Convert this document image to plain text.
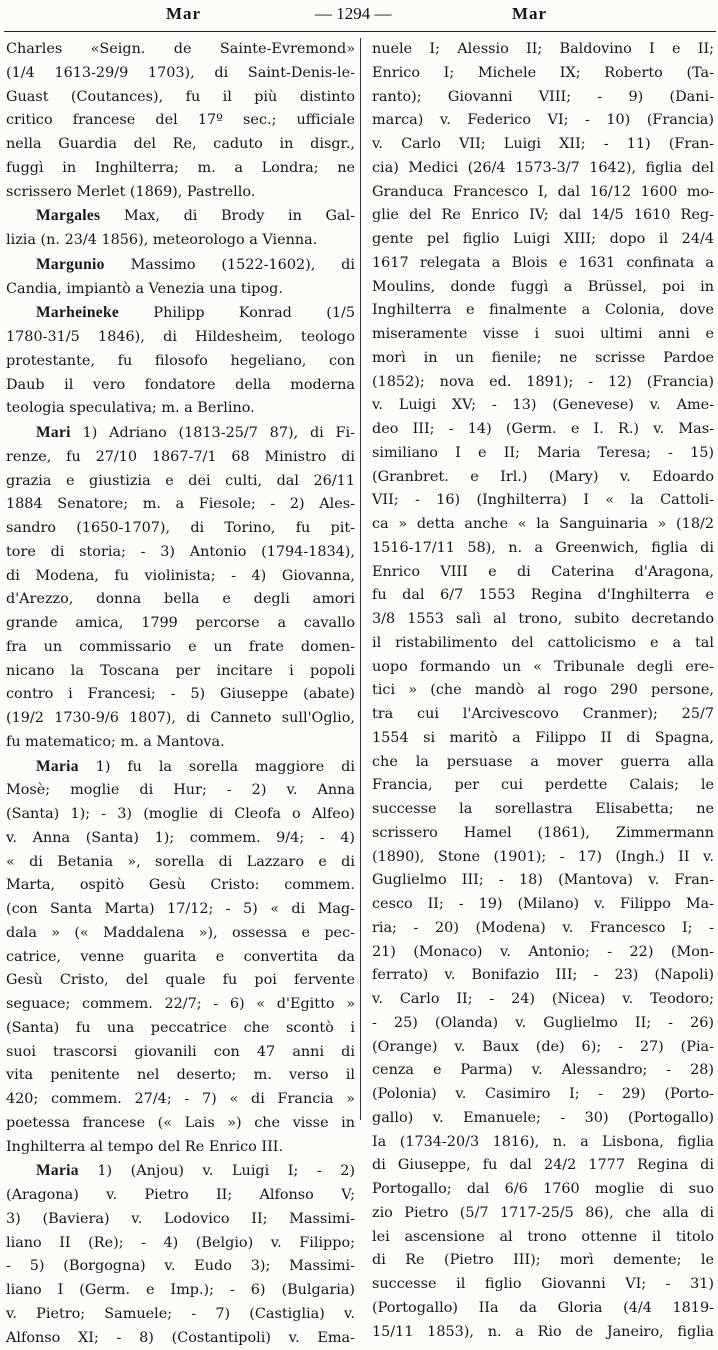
Mar	— 1294 —	Mar
Charles «Seign. de Sainte-Evremond»
(1/4 1613-29/9 1703), di Saint-Denis-le-
Guast (Coutances), fu il più distinto
critico francese del 17º sec.; ufficiale
nella Guardia del Re, caduto in disgr.,
fuggì in Inghilterra; m. a Londra; ne
scrissero Merlet (1869), Pastrello.
Margales Max, di Brody in Gal-
lizia (n. 23/4 1856), meteorologo a Vienna.
Margunio Massimo (1522-1602), di
Candia, impiantò a Venezia una tipog.
Marheineke Philipp Konrad (1/5
1780-31/5 1846), di Hildesheim, teologo
protestante, fu filosofo hegeliano, con
Daub il vero fondatore della moderna
teologia speculativa; m. a Berlino.
Mari 1) Adriano (1813-25/7 87), di Fi-
renze, fu 27/10 1867-7/1 68 Ministro di
grazia e giustizia e dei culti, dal 26/11
1884 Senatore; m. a Fiesole; - 2) Ales-
sandro (1650-1707), di Torino, fu pit-
tore di storia; - 3) Antonio (1794-1834),
di Modena, fu violinista; - 4) Giovanna,
d'Arezzo, donna bella e degli amori
grande amica, 1799 percorse a cavallo
fra un commissario e un frate domen-
nicano la Toscana per incitare i popoli
contro i Francesi; - 5) Giuseppe (abate)
(19/2 1730-9/6 1807), di Canneto sull'Oglio,
fu matematico; m. a Mantova.
Maria 1) fu la sorella maggiore di
Mosè; moglie di Hur; - 2) v. Anna
(Santa) 1); - 3) (moglie di Cleofa o Alfeo)
v. Anna (Santa) 1); commem. 9/4; - 4)
« di Betania », sorella di Lazzaro e di
Marta, ospitò Gesù Cristo: commem.
(con Santa Marta) 17/12; - 5) « di Mag-
dala » (« Maddalena »), ossessa e pec-
catrice, venne guarita e convertita da
Gesù Cristo, del quale fu poi fervente
seguace; commem. 22/7; - 6) « d'Egitto »
(Santa) fu una peccatrice che scontò i
suoi trascorsi giovanili con 47 anni di
vita penitente nel deserto; m. verso il
420; commem. 27/4; - 7) « di Francia »
poetessa francese (« Lais ») che visse in
Inghilterra al tempo del Re Enrico III.
Maria 1) (Anjou) v. Luigi I; - 2)
(Aragona) v. Pietro II; Alfonso V;
3) (Baviera) v. Lodovico II; Massimi-
liano II (Re); - 4) (Belgio) v. Filippo;
- 5) (Borgogna) v. Eudo 3); Massimi-
liano I (Germ. e Imp.); - 6) (Bulgaria)
v. Pietro; Samuele; - 7) (Castiglia) v.
Alfonso XI; - 8) (Costantipoli) v. Ema-
nuele I; Alessio II; Baldovino I e II;
Enrico I; Michele IX; Roberto (Ta-
ranto); Giovanni VIII; - 9) (Dani-
marca) v. Federico VI; - 10) (Francia)
v. Carlo VII; Luigi XII; - 11) (Fran-
cia) Medici (26/4 1573-3/7 1642), figlia del
Granduca Francesco I, dal 16/12 1600 mo-
glie del Re Enrico IV; dal 14/5 1610 Reg-
gente pel figlio Luigi XIII; dopo il 24/4
1617 relegata a Blois e 1631 confinata a
Moulins, donde fuggì a Brüssel, poi in
Inghilterra e finalmente a Colonia, dove
miseramente visse i suoi ultimi anni e
morì in un fienile; ne scrisse Pardoe
(1852); nova ed. 1891); - 12) (Francia)
v. Luigi XV; - 13) (Genevese) v. Ame-
deo III; - 14) (Germ. e I. R.) v. Mas-
similiano I e II; Maria Teresa; - 15)
(Granbret. e Irl.) (Mary) v. Edoardo
VII; - 16) (Inghilterra) I « la Cattoli-
ca » detta anche « la Sanguinaria » (18/2
1516-17/11 58), n. a Greenwich, figlia di
Enrico VIII e di Caterina d'Aragona,
fu dal 6/7 1553 Regina d'Inghilterra e
3/8 1553 salì al trono, subito decretando
il ristabilimento del cattolicismo e a tal
uopo formando un « Tribunale degli ere-
tici » (che mandò al rogo 290 persone,
tra cui l'Arcivescovo Cranmer); 25/7
1554 si maritò a Filippo II di Spagna,
che la persuase a mover guerra alla
Francia, per cui perdette Calais; le
successe la sorellastra Elisabetta; ne
scrissero Hamel (1861), Zimmermann
(1890), Stone (1901); - 17) (Ingh.) II v.
Guglielmo III; - 18) (Mantova) v. Fran-
cesco II; - 19) (Milano) v. Filippo Ma-
ria; - 20) (Modena) v. Francesco I; -
21) (Monaco) v. Antonio; - 22) (Mon-
ferrato) v. Bonifazio III; - 23) (Napoli)
v. Carlo II; - 24) (Nicea) v. Teodoro;
- 25) (Olanda) v. Guglielmo II; - 26)
(Orange) v. Baux (de) 6); - 27) (Pia-
cenza e Parma) v. Alessandro; - 28)
(Polonia) v. Casimiro I; - 29) (Porto-
gallo) v. Emanuele; - 30) (Portogallo)
Ia (1734-20/3 1816), n. a Lisbona, figlia
di Giuseppe, fu dal 24/2 1777 Regina di
Portogallo; dal 6/6 1760 moglie di suo
zio Pietro (5/7 1717-25/5 86), che alla di
lei ascensione al trono ottenne il titolo
di Re (Pietro III); morì demente; le
successe il figlio Giovanni VI; - 31)
(Portogallo) IIa da Gloria (4/4 1819-
15/11 1853), n. a Rio de Janeiro, figlia
